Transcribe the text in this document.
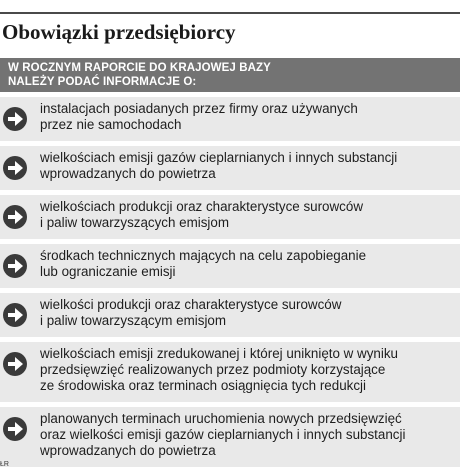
Obowiązki przedsiębiorcy
W ROCZNYM RAPORCIE DO KRAJOWEJ BAZY
NALEŻY PODAĆ INFORMACJE O:
instalacjach posiadanych przez firmy oraz używanych
przez nie samochodach
wielkościach emisji gazów cieplarnianych i innych substancji
wprowadzanych do powietrza
wielkościach produkcji oraz charakterystyce surowców
i paliw towarzyszących emisjom
środkach technicznych mających na celu zapobieganie
lub ograniczanie emisji
wielkości produkcji oraz charakterystyce surowców
i paliw towarzyszącym emisjom
wielkościach emisji zredukowanej i której uniknięto w wyniku
przedsięwzięć realizowanych przez podmioty korzystające
ze środowiska oraz terminach osiągnięcia tych redukcji
planowanych terminach uruchomienia nowych przedsięwzięć
oraz wielkości emisji gazów cieplarnianych i innych substancji
wprowadzanych do powietrza
ŁR
